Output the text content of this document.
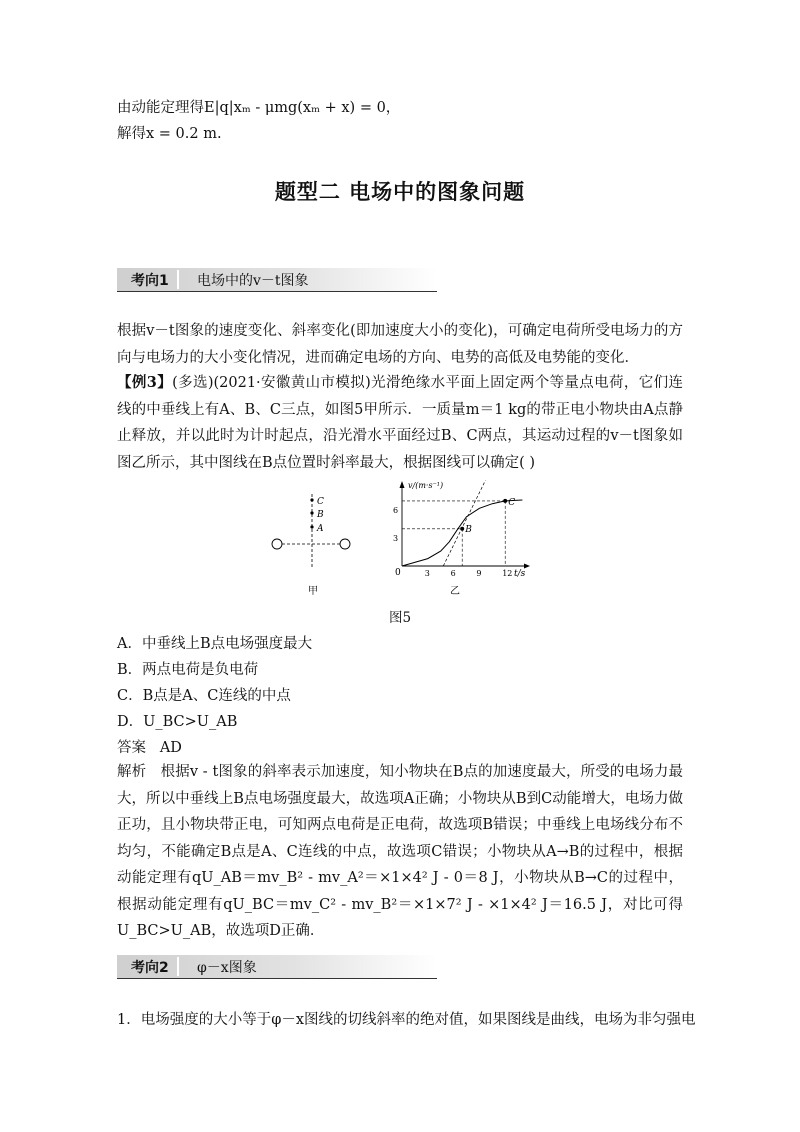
由动能定理得E|q|xₘ - μmg(xₘ + x) = 0，
解得x = 0.2 m.
题型二 电场中的图象问题
考向1 电场中的v－t图象
根据v－t图象的速度变化、斜率变化(即加速度大小的变化)，可确定电荷所受电场力的方向与电场力的大小变化情况，进而确定电场的方向、电势的高低及电势能的变化．
【例3】(多选)(2021·安徽黄山市模拟)光滑绝缘水平面上固定两个等量点电荷，它们连线的中垂线上有A、B、C三点，如图5甲所示．一质量m＝1 kg的带正电小物块由A点静止释放，并以此时为计时起点，沿光滑水平面经过B、C两点，其运动过程的v－t图象如图乙所示，其中图线在B点位置时斜率最大，根据图线可以确定( )
C
B
A
甲
B
C
v/(m·s⁻¹)
t/s
0	3	6	9	12
3
6
乙
图5
A．中垂线上B点电场强度最大
B．两点电荷是负电荷
C．B点是A、C连线的中点
D．U_BC>U_AB
答案 AD
解析 根据v - t图象的斜率表示加速度，知小物块在B点的加速度最大，所受的电场力最大，所以中垂线上B点电场强度最大，故选项A正确；小物块从B到C动能增大，电场力做正功，且小物块带正电，可知两点电荷是正电荷，故选项B错误；中垂线上电场线分布不均匀，不能确定B点是A、C连线的中点，故选项C错误；小物块从A→B的过程中，根据动能定理有qU_AB＝mv_B² - mv_A²＝×1×4² J - 0＝8 J，小物块从B→C的过程中，根据动能定理有qU_BC＝mv_C² - mv_B²＝×1×7² J - ×1×4² J＝16.5 J，对比可得U_BC>U_AB，故选项D正确．
考向2 φ－x图象
1．电场强度的大小等于φ－x图线的切线斜率的绝对值，如果图线是曲线，电场为非匀强电
